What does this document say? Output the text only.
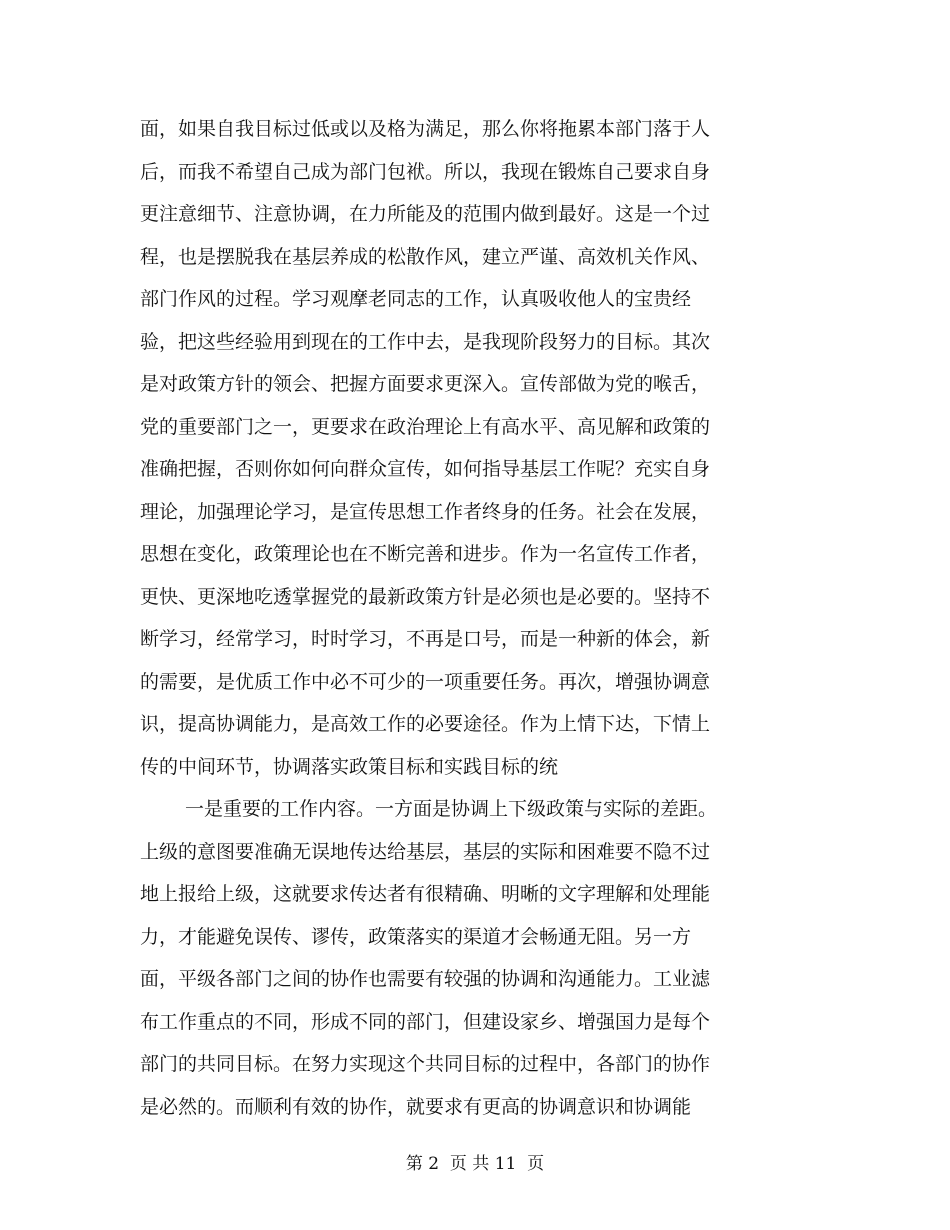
面，如果自我目标过低或以及格为满足，那么你将拖累本部门落于人
后，而我不希望自己成为部门包袱。所以，我现在锻炼自己要求自身
更注意细节、注意协调，在力所能及的范围内做到最好。这是一个过
程，也是摆脱我在基层养成的松散作风，建立严谨、高效机关作风、
部门作风的过程。学习观摩老同志的工作，认真吸收他人的宝贵经
验，把这些经验用到现在的工作中去，是我现阶段努力的目标。其次
是对政策方针的领会、把握方面要求更深入。宣传部做为党的喉舌，
党的重要部门之一，更要求在政治理论上有高水平、高见解和政策的
准确把握，否则你如何向群众宣传，如何指导基层工作呢？充实自身
理论，加强理论学习，是宣传思想工作者终身的任务。社会在发展，
思想在变化，政策理论也在不断完善和进步。作为一名宣传工作者，
更快、更深地吃透掌握党的最新政策方针是必须也是必要的。坚持不
断学习，经常学习，时时学习，不再是口号，而是一种新的体会，新
的需要，是优质工作中必不可少的一项重要任务。再次，增强协调意
识，提高协调能力，是高效工作的必要途径。作为上情下达，下情上
传的中间环节，协调落实政策目标和实践目标的统
一是重要的工作内容。一方面是协调上下级政策与实际的差距。
上级的意图要准确无误地传达给基层，基层的实际和困难要不隐不过
地上报给上级，这就要求传达者有很精确、明晰的文字理解和处理能
力，才能避免误传、谬传，政策落实的渠道才会畅通无阻。另一方
面，平级各部门之间的协作也需要有较强的协调和沟通能力。工业滤
布工作重点的不同，形成不同的部门，但建设家乡、增强国力是每个
部门的共同目标。在努力实现这个共同目标的过程中，各部门的协作
是必然的。而顺利有效的协作，就要求有更高的协调意识和协调能
第 2  页 共 11  页
